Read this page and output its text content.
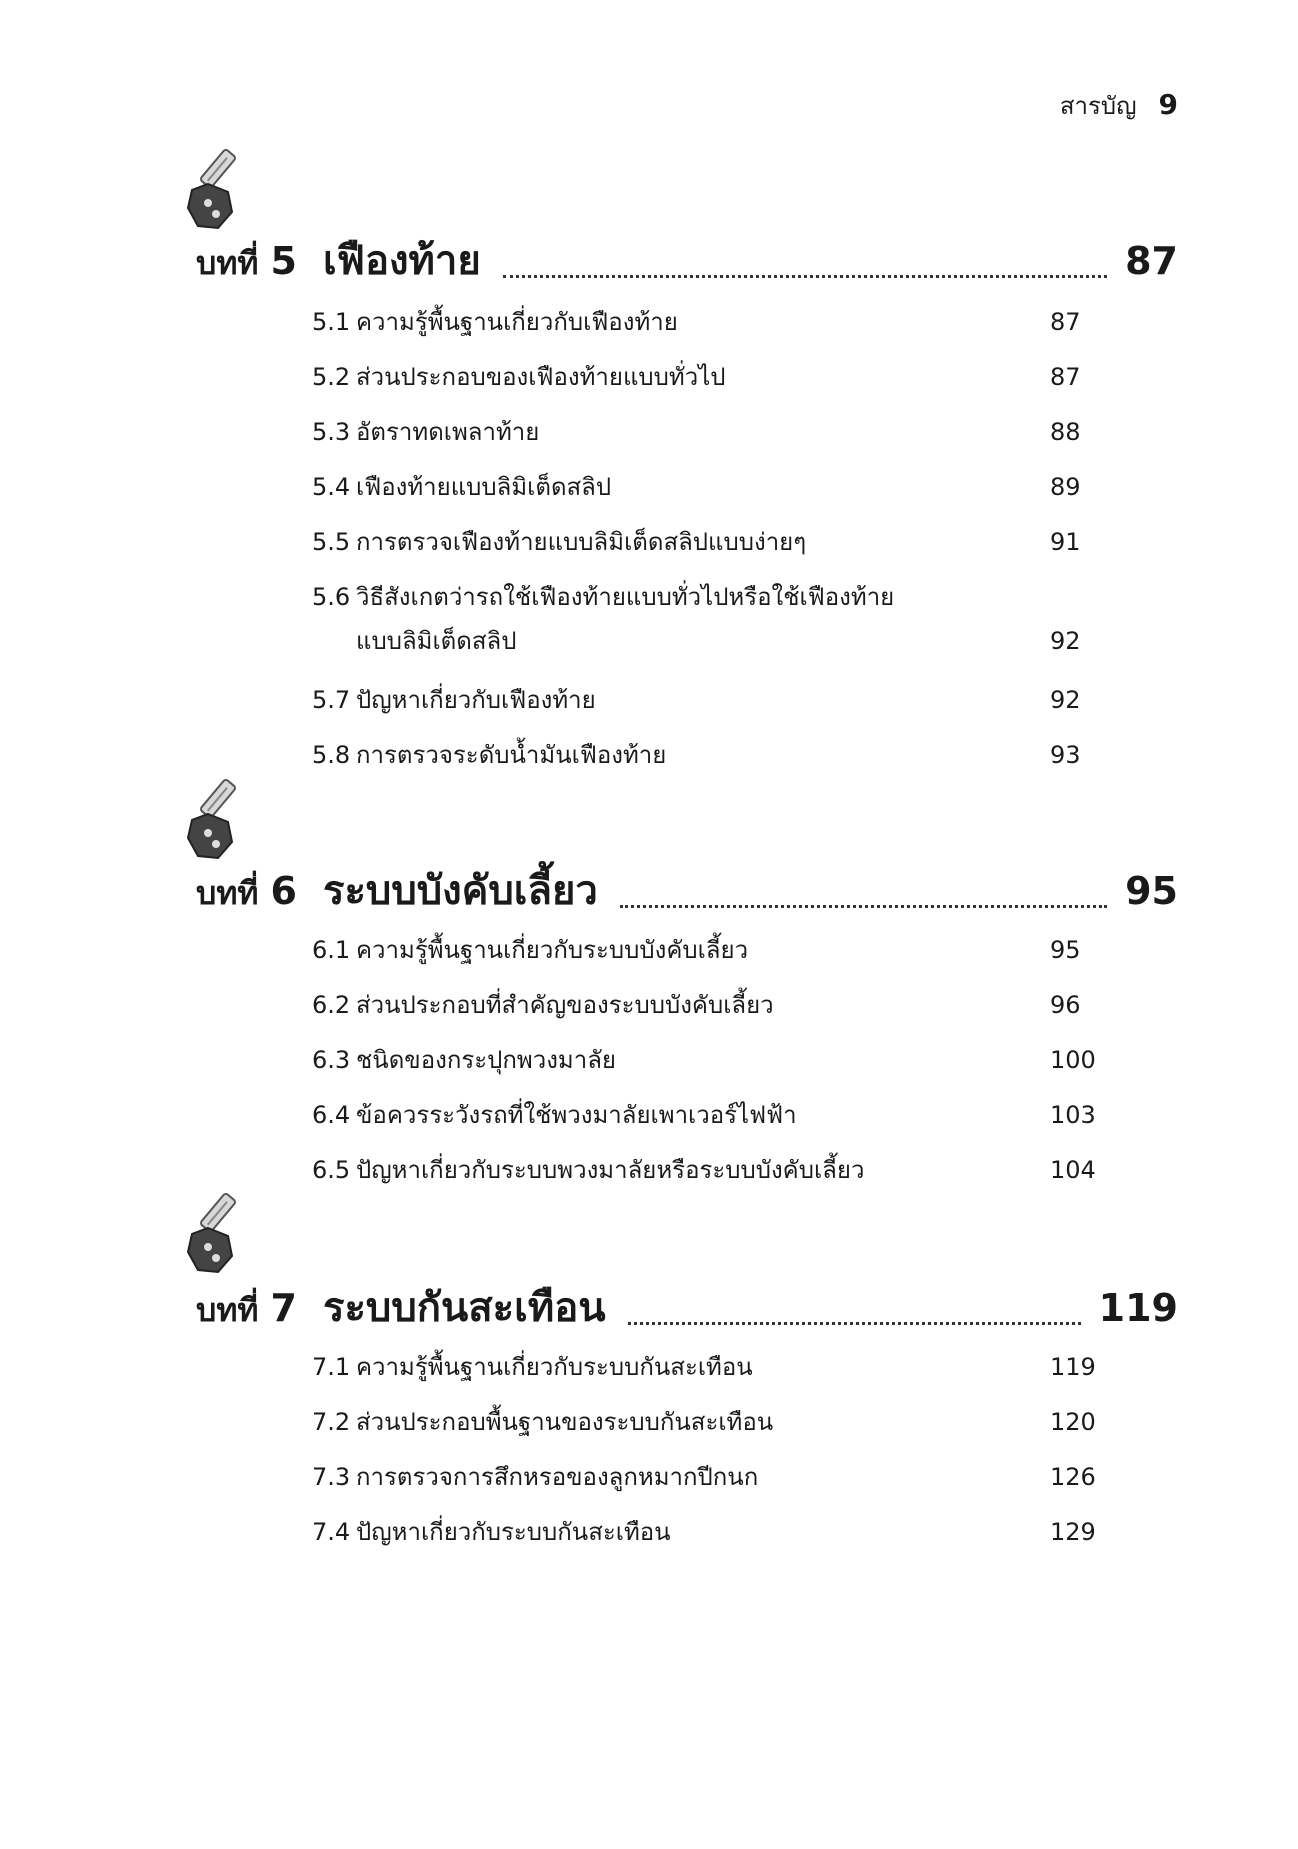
สารบัญ 9
บทที่ 5 เฟืองท้าย	87
5.1 ความรู้พื้นฐานเกี่ยวกับเฟืองท้าย	87
5.2 ส่วนประกอบของเฟืองท้ายแบบทั่วไป	87
5.3 อัตราทดเพลาท้าย	88
5.4 เฟืองท้ายแบบลิมิเต็ดสลิป	89
5.5 การตรวจเฟืองท้ายแบบลิมิเต็ดสลิปแบบง่ายๆ	91
5.6 วิธีสังเกตว่ารถใช้เฟืองท้ายแบบทั่วไปหรือใช้เฟืองท้าย
แบบลิมิเต็ดสลิป	92
5.7 ปัญหาเกี่ยวกับเฟืองท้าย	92
5.8 การตรวจระดับน้ำมันเฟืองท้าย	93
บทที่ 6 ระบบบังคับเลี้ยว	95
6.1 ความรู้พื้นฐานเกี่ยวกับระบบบังคับเลี้ยว	95
6.2 ส่วนประกอบที่สำคัญของระบบบังคับเลี้ยว	96
6.3 ชนิดของกระปุกพวงมาลัย	100
6.4 ข้อควรระวังรถที่ใช้พวงมาลัยเพาเวอร์ไฟฟ้า	103
6.5 ปัญหาเกี่ยวกับระบบพวงมาลัยหรือระบบบังคับเลี้ยว	104
บทที่ 7 ระบบกันสะเทือน	119
7.1 ความรู้พื้นฐานเกี่ยวกับระบบกันสะเทือน	119
7.2 ส่วนประกอบพื้นฐานของระบบกันสะเทือน	120
7.3 การตรวจการสึกหรอของลูกหมากปีกนก	126
7.4 ปัญหาเกี่ยวกับระบบกันสะเทือน	129
